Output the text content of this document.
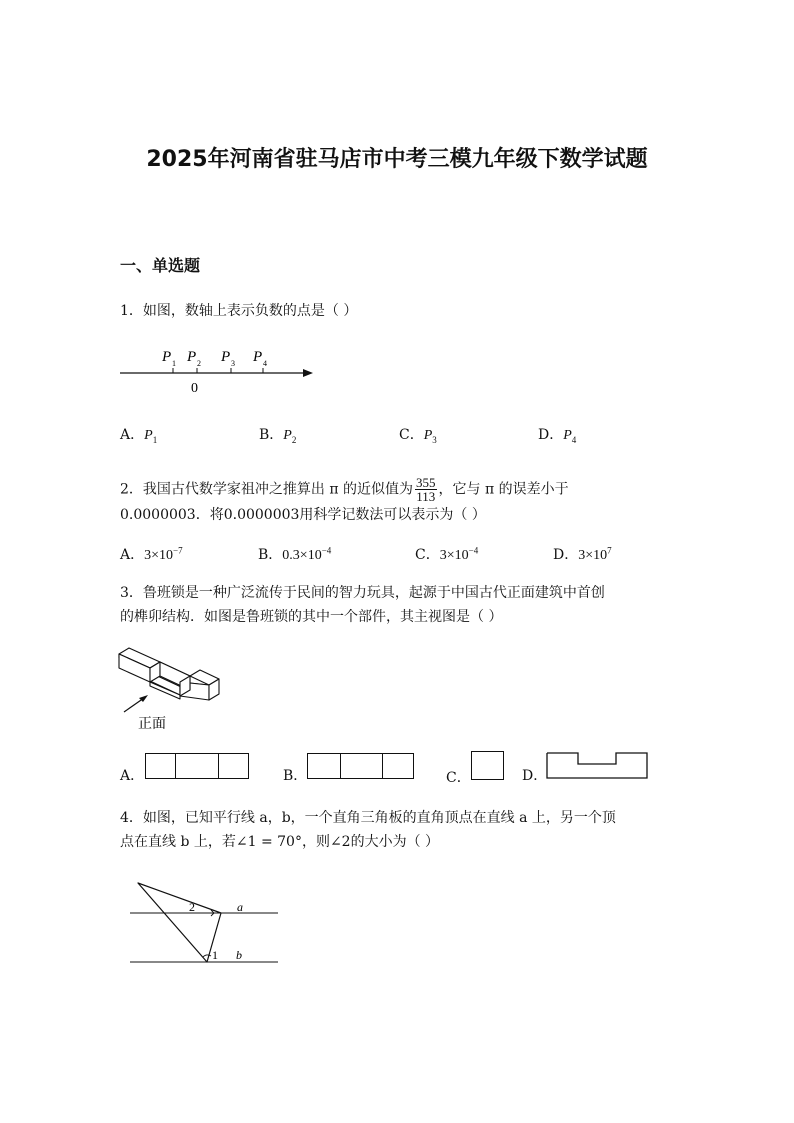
2025年河南省驻马店市中考三模九年级下数学试题
一、单选题
1．如图，数轴上表示负数的点是（ ）
P 1 P 2 P 3 P 4
0
A．$P_1$	B．$P_2$	C．$P_3$	D．$P_4$
2．我国古代数学家祖冲之推算出 π 的近似值为 $\frac{355}{113}$ ，它与 π 的误差小于
0.0000003．将0.0000003用科学记数法可以表示为（ ）
A．$3\times 10^{-7}$	B．$0.3\times 10^{-4}$	C．$3\times 10^{-4}$	D．$3\times 10^7$
3．鲁班锁是一种广泛流传于民间的智力玩具，起源于中国古代正面建筑中首创
的榫卯结构．如图是鲁班锁的其中一个部件，其主视图是（ ）
正面
A．	B．	C．	D．
4．如图，已知平行线 a，b，一个直角三角板的直角顶点在直线 a 上，另一个顶
点在直线 b 上，若∠1 = 70°，则∠2的大小为（ ）
2	a
1 b
